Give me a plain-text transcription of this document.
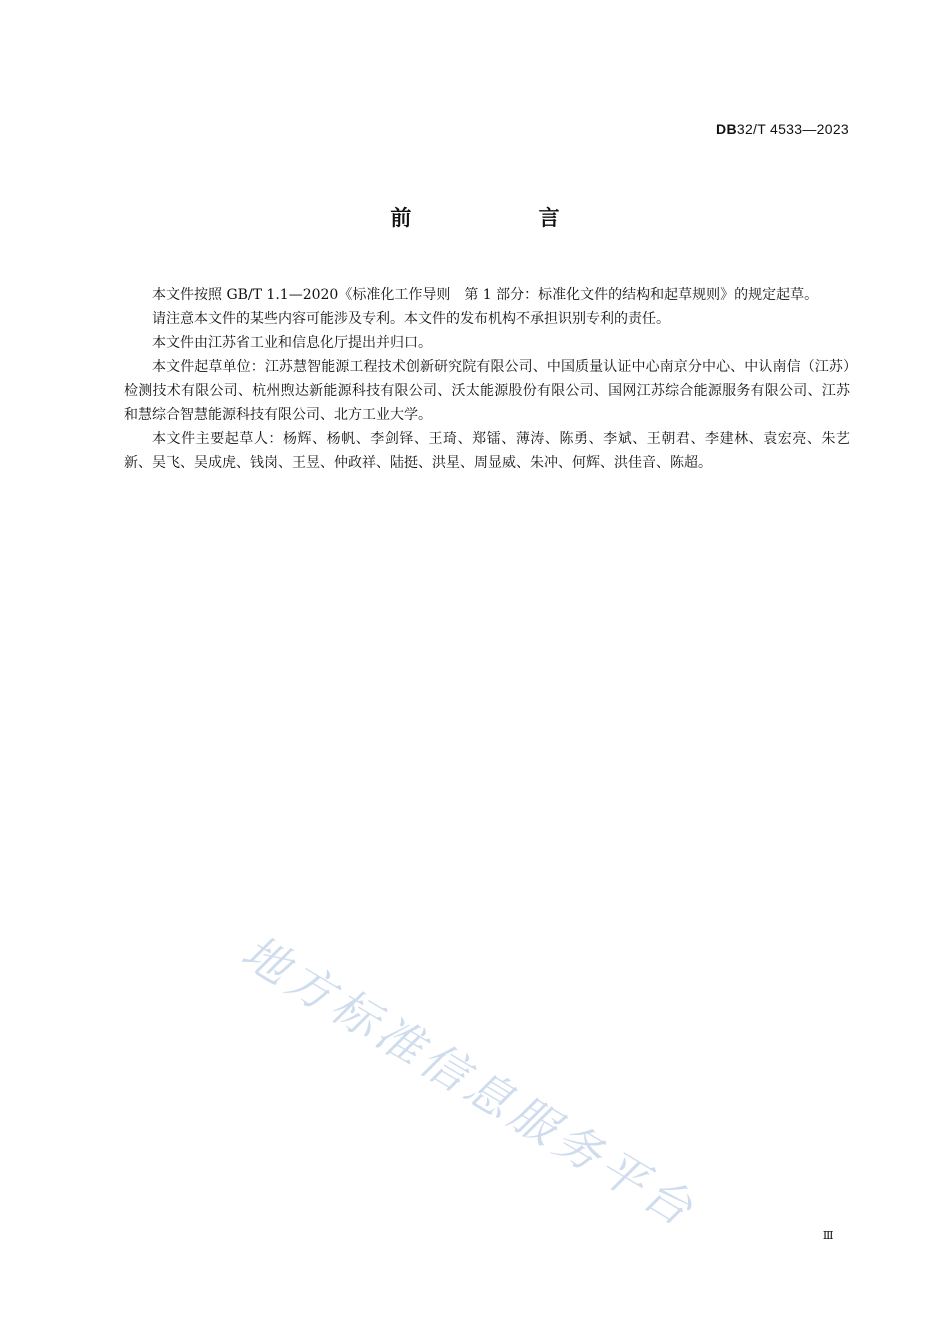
DB32/T 4533—2023
前 言

本文件按照 GB/T 1.1—2020《标准化工作导则　第 1 部分：标准化文件的结构和起草规则》的规定起草。

请注意本文件的某些内容可能涉及专利。本文件的发布机构不承担识别专利的责任。

本文件由江苏省工业和信息化厅提出并归口。

本文件起草单位：江苏慧智能源工程技术创新研究院有限公司、中国质量认证中心南京分中心、中认南信（江苏）检测技术有限公司、杭州煦达新能源科技有限公司、沃太能源股份有限公司、国网江苏综合能源服务有限公司、江苏和慧综合智慧能源科技有限公司、北方工业大学。

本文件主要起草人：杨辉、杨帆、李剑铎、王琦、郑镭、薄涛、陈勇、李斌、王朝君、李建林、袁宏亮、朱艺新、吴飞、吴成虎、钱岗、王昱、仲政祥、陆挺、洪星、周显威、朱冲、何辉、洪佳音、陈超。

地方标准信息服务平台	Ⅲ
